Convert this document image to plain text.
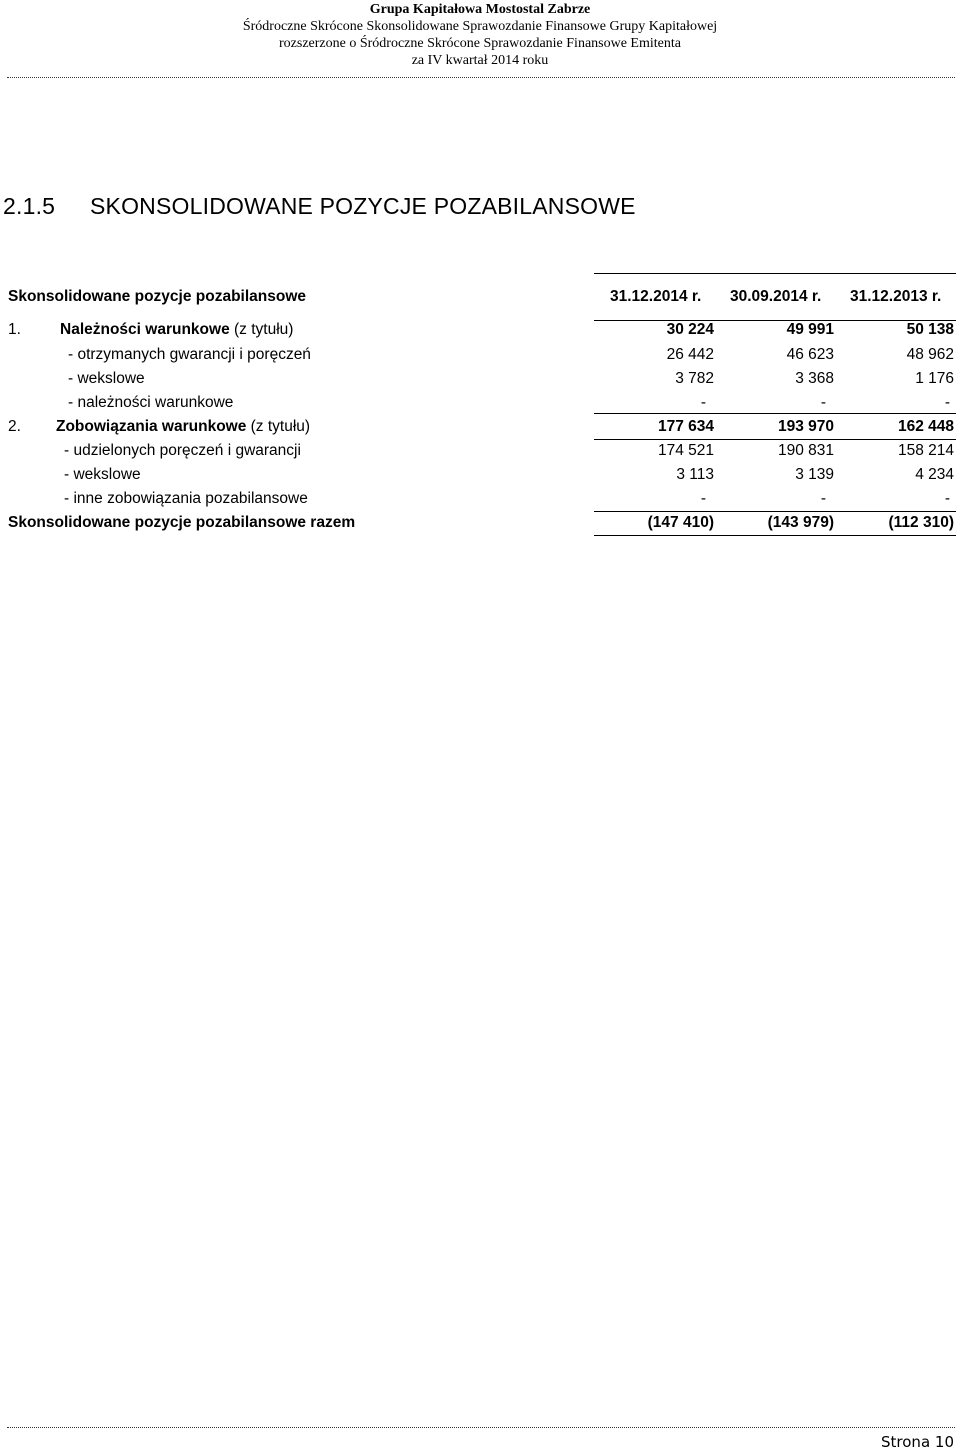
Grupa Kapitałowa Mostostal Zabrze
Śródroczne Skrócone Skonsolidowane Sprawozdanie Finansowe Grupy Kapitałowej
rozszerzone o Śródroczne Skrócone Sprawozdanie Finansowe Emitenta
za IV kwartał 2014 roku
2.1.5 SKONSOLIDOWANE POZYCJE POZABILANSOWE
Skonsolidowane pozycje pozabilansowe	31.12.2014 r. 30.09.2014 r. 31.12.2013 r.
1.	Należności warunkowe (z tytułu)	30 224	49 991	50 138
- otrzymanych gwarancji i poręczeń	26 442	46 623	48 962
- wekslowe	3 782	3 368	1 176
- należności warunkowe	-	-	-
2. Zobowiązania warunkowe (z tytułu)	177 634	193 970	162 448
- udzielonych poręczeń i gwarancji	174 521	190 831	158 214
- wekslowe	3 113	3 139	4 234
- inne zobowiązania pozabilansowe	-	-	-
Skonsolidowane pozycje pozabilansowe razem	(147 410)	(143 979)	(112 310)
Strona 10
